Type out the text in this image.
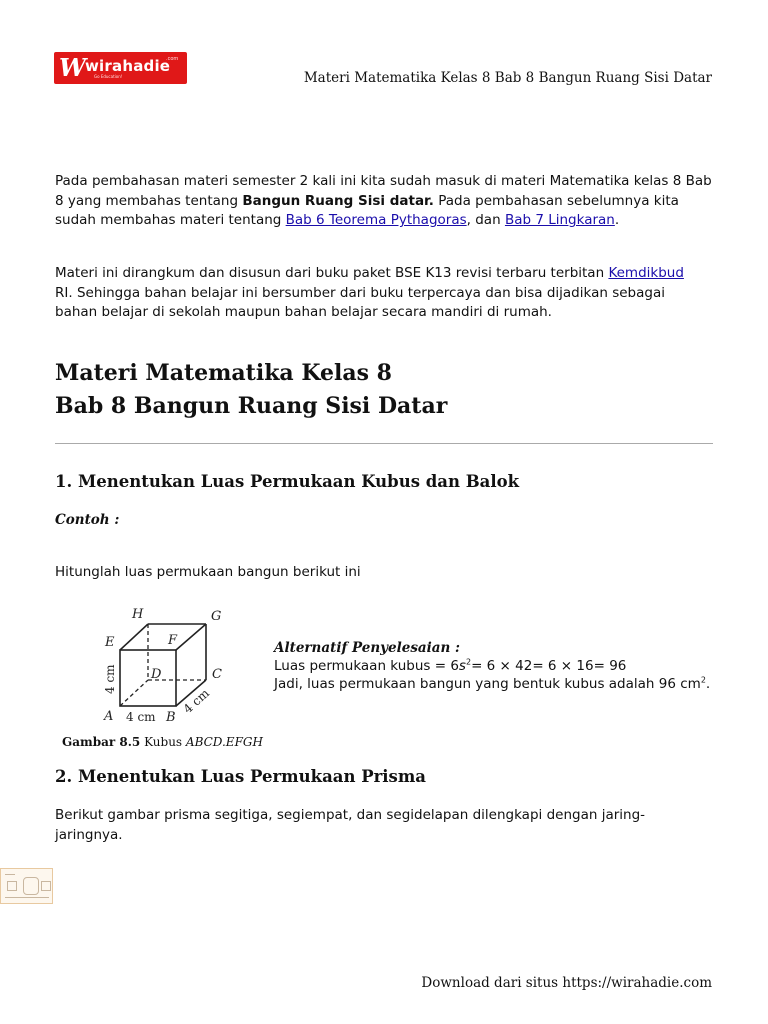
W wirahadie
.com
Go Education!	Materi Matematika Kelas 8 Bab 8 Bangun Ruang Sisi Datar
Pada pembahasan materi semester 2 kali ini kita sudah masuk di materi Matematika kelas 8 Bab 8 yang membahas tentang Bangun Ruang Sisi datar. Pada pembahasan sebelumnya kita sudah membahas materi tentang Bab 6 Teorema Pythagoras, dan Bab 7 Lingkaran.
Materi ini dirangkum dan disusun dari buku paket BSE K13 revisi terbaru terbitan Kemdikbud RI. Sehingga bahan belajar ini bersumber dari buku terpercaya dan bisa dijadikan sebagai bahan belajar di sekolah maupun bahan belajar secara mandiri di rumah.
Materi Matematika Kelas 8
Bab 8 Bangun Ruang Sisi Datar
1. Menentukan Luas Permukaan Kubus dan Balok
Contoh :
Hitunglah luas permukaan bangun berikut ini
H	G
E	F
D	C
A	B
4 cm
4 cm
4 cm
Gambar 8.5 Kubus ABCD.EFGH
Alternatif Penyelesaian :
Luas permukaan kubus = $6s^2= 6 \times 42= 6 \times 16= 96$
Jadi, luas permukaan bangun yang bentuk kubus adalah 96 $cm^2$.
2. Menentukan Luas Permukaan Prisma
Berikut gambar prisma segitiga, segiempat, dan segidelapan dilengkapi dengan jaring-jaringnya.
Download dari situs https://wirahadie.com
